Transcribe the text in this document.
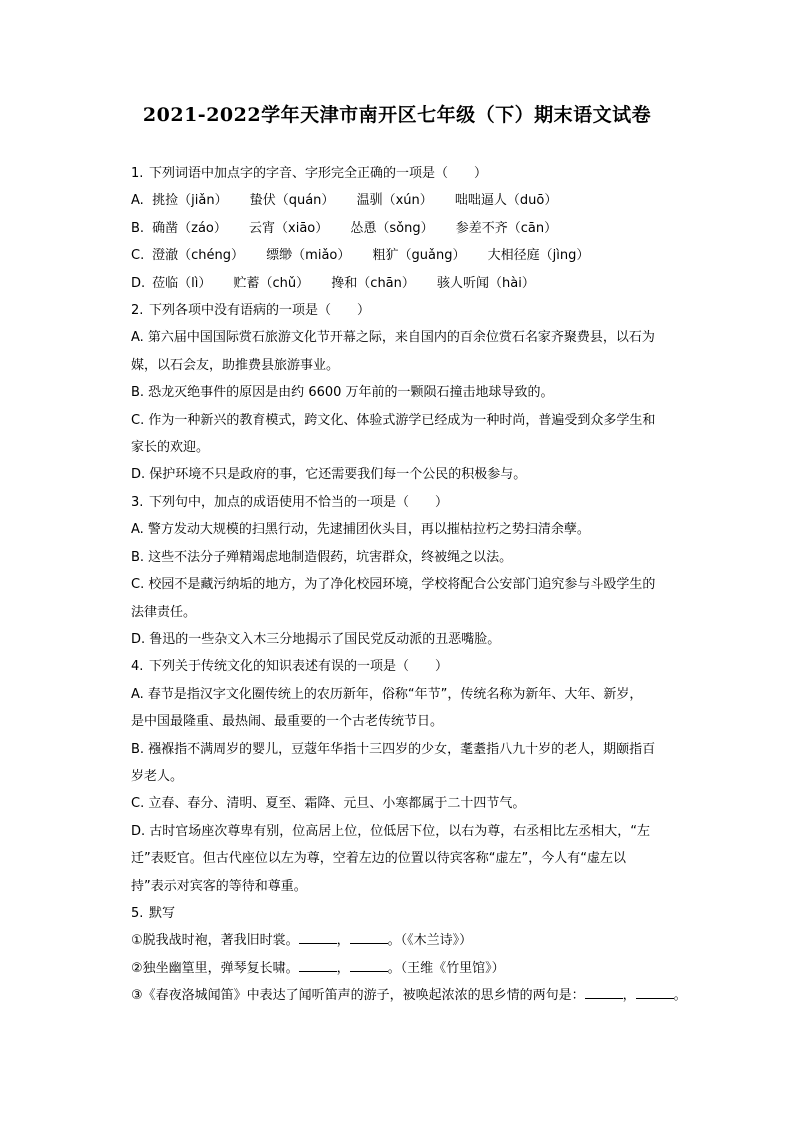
2021-2022学年天津市南开区七年级（下）期末语文试卷
1. 下列词语中加点字的字音、字形完全正确的一项是（　　）
A. 挑捡（jiǎn） 蛰伏（quán） 温驯（xún） 咄咄逼人（duō）
B. 确凿（záo） 云宵（xiāo） 怂恿（sǒng） 参差不齐（cān）
C. 澄澈（chéng） 缥缈（miǎo） 粗犷（guǎng） 大相径庭（jìng）
D. 莅临（lì） 贮蓄（chǔ） 搀和（chān） 骇人听闻（hài）
2. 下列各项中没有语病的一项是（　　）
A. 第六届中国国际赏石旅游文化节开幕之际，来自国内的百余位赏石名家齐聚费县，以石为
媒，以石会友，助推费县旅游事业。
B. 恐龙灭绝事件的原因是由约 6600 万年前的一颗陨石撞击地球导致的。
C. 作为一种新兴的教育模式，跨文化、体验式游学已经成为一种时尚，普遍受到众多学生和
家长的欢迎。
D. 保护环境不只是政府的事，它还需要我们每一个公民的积极参与。
3. 下列句中，加点的成语使用不恰当的一项是（　　）
A. 警方发动大规模的扫黑行动，先逮捕团伙头目，再以摧枯拉朽之势扫清余孽。
B. 这些不法分子殚精竭虑地制造假药，坑害群众，终被绳之以法。
C. 校园不是藏污纳垢的地方，为了净化校园环境，学校将配合公安部门追究参与斗殴学生的
法律责任。
D. 鲁迅的一些杂文入木三分地揭示了国民党反动派的丑恶嘴脸。
4. 下列关于传统文化的知识表述有误的一项是（　　）
A. 春节是指汉字文化圈传统上的农历新年，俗称“年节”，传统名称为新年、大年、新岁，
是中国最隆重、最热闹、最重要的一个古老传统节日。
B. 襁褓指不满周岁的婴儿，豆蔻年华指十三四岁的少女，耄耋指八九十岁的老人，期颐指百
岁老人。
C. 立春、春分、清明、夏至、霜降、元旦、小寒都属于二十四节气。
D. 古时官场座次尊卑有别，位高居上位，位低居下位，以右为尊，右丞相比左丞相大，“左
迁”表贬官。但古代座位以左为尊，空着左边的位置以待宾客称“虚左”，今人有“虚左以
持”表示对宾客的等待和尊重。
5. 默写
①脱我战时袍，著我旧时裳。	，	。（《木兰诗》）
②独坐幽篁里，弹琴复长啸。	，	。（王维《竹里馆》）
③《春夜洛城闻笛》中表达了闻听笛声的游子，被唤起浓浓的思乡情的两句是：	，	。
